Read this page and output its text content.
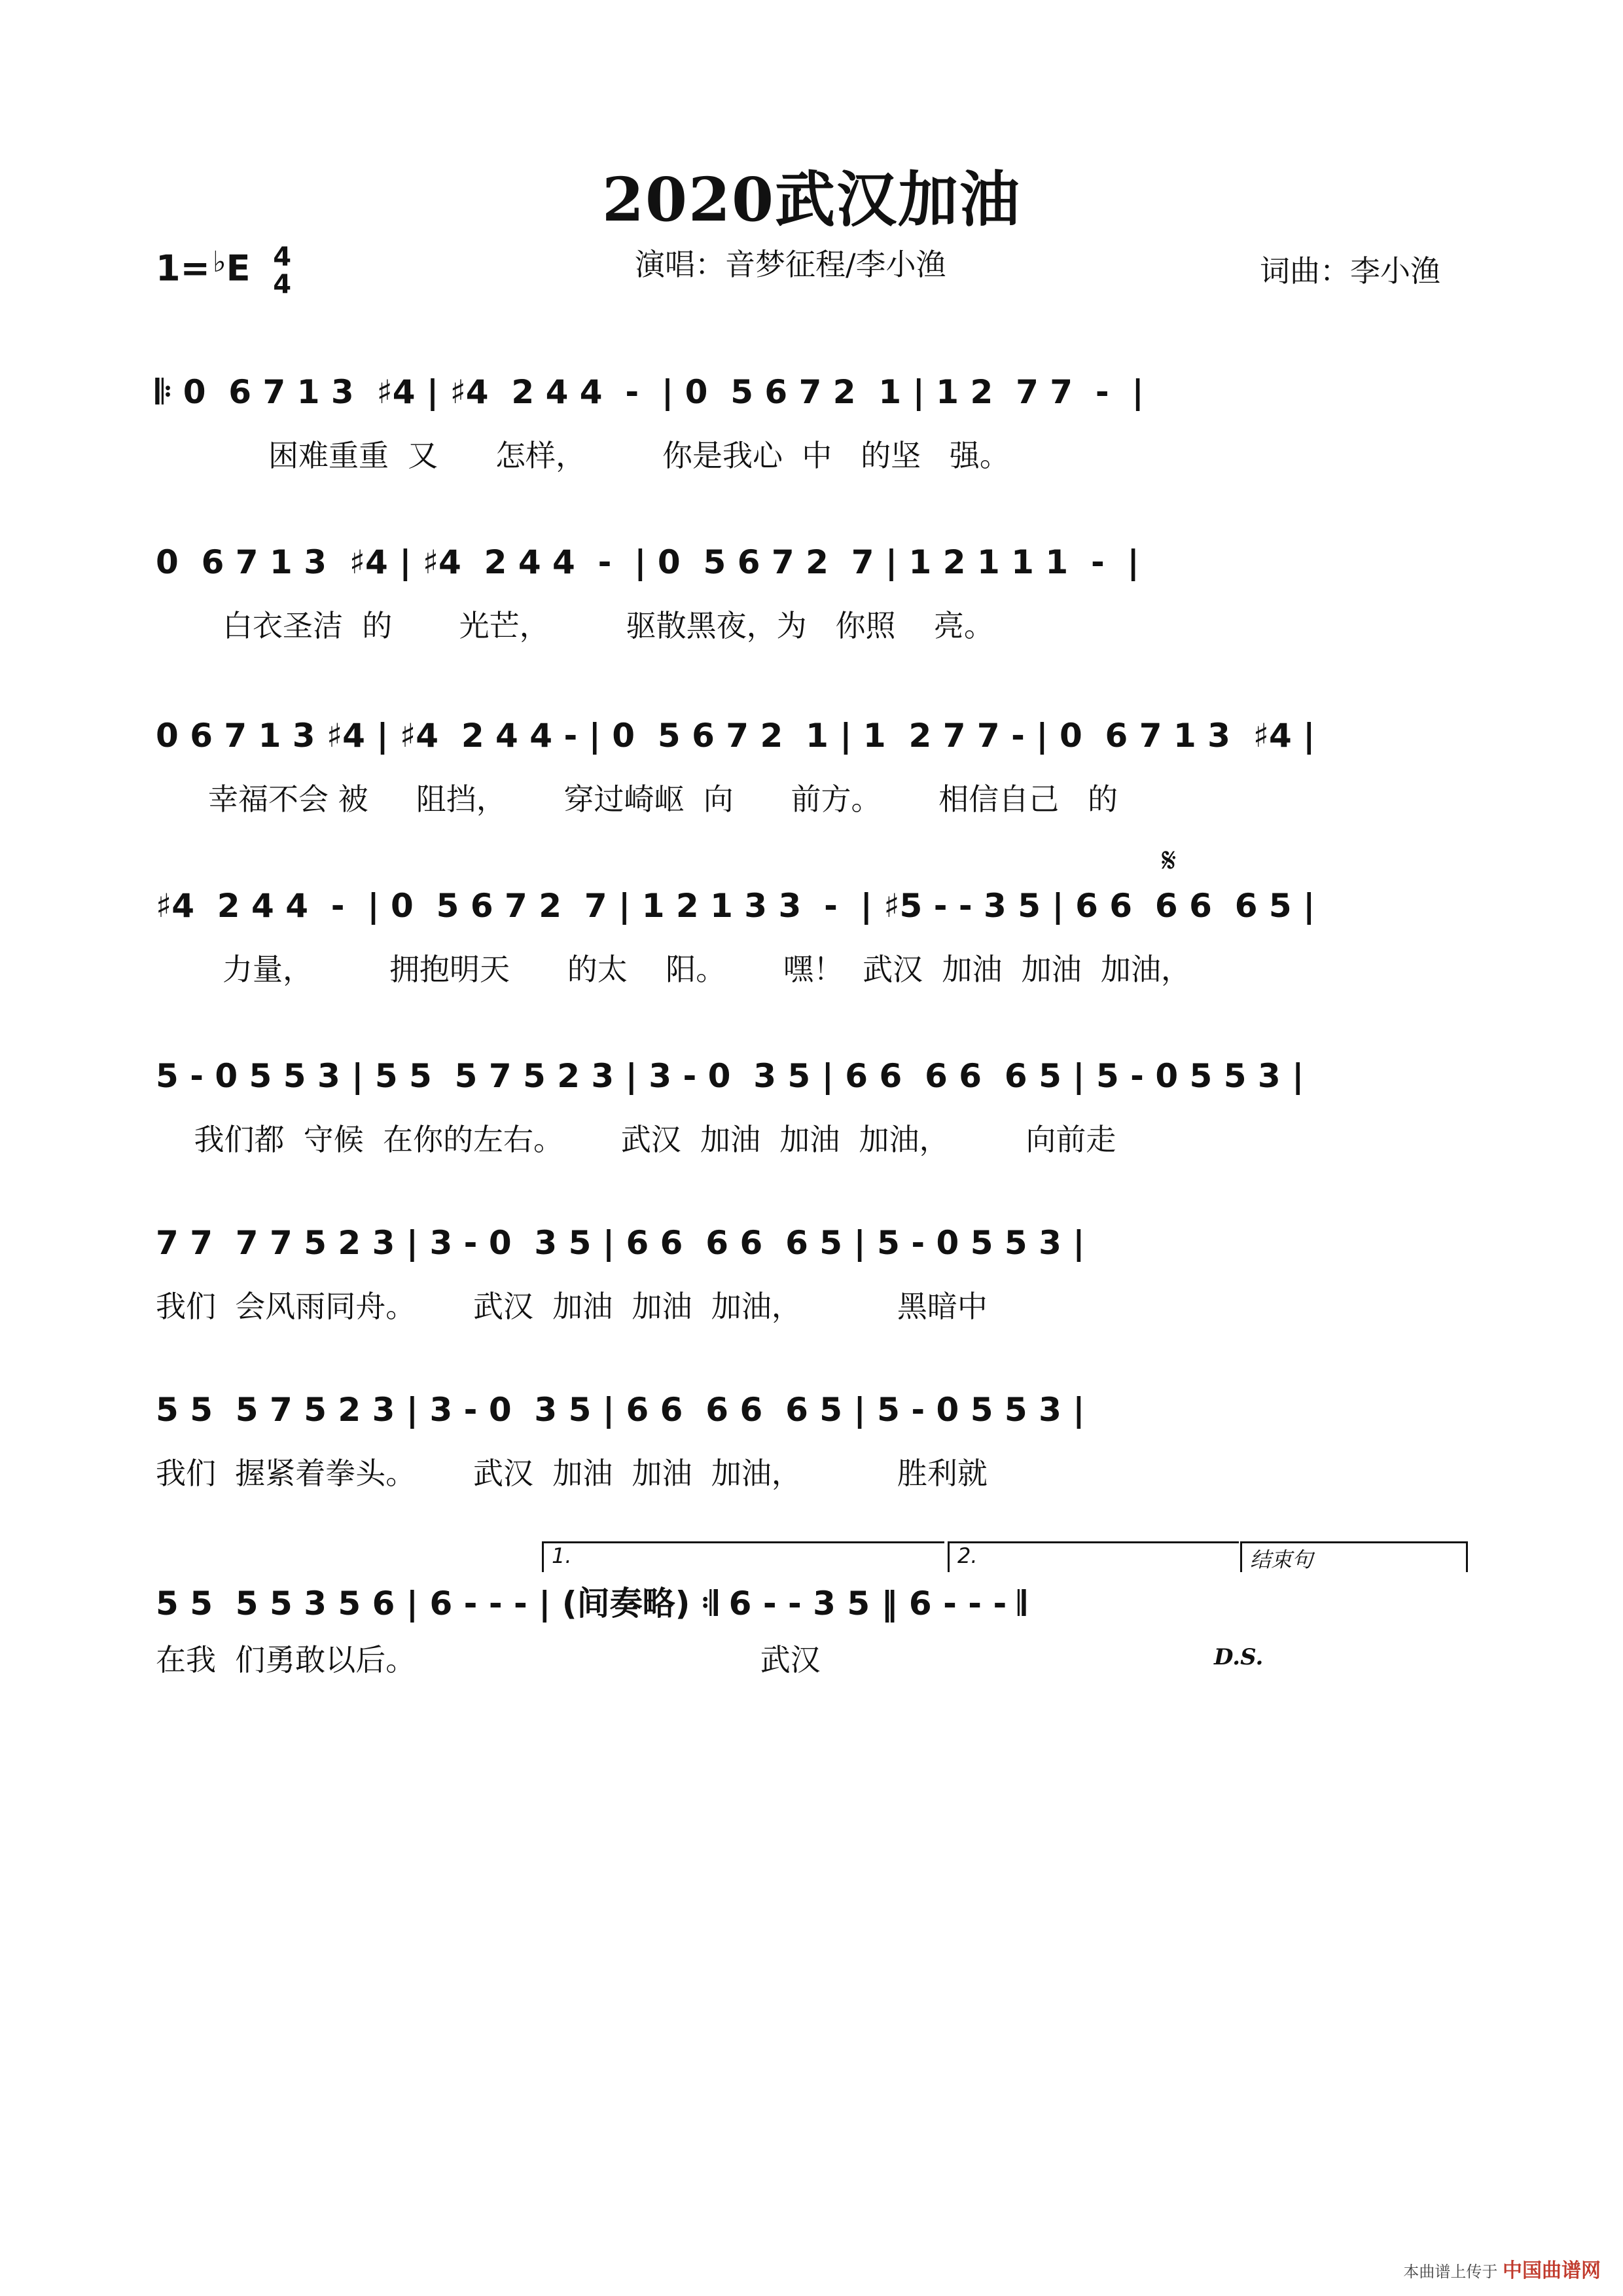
2020武汉加油
1=♭E 4
4
演唱：音梦征程/李小渔	词曲：李小渔
𝄆 0  6 7 1 3  ♯4 | ♯4  2 4 4  -  | 0  5 6 7 2  1 | 1 2  7 7  -  |
困难重重  又      怎样，        你是我心  中   的坚   强。
0  6 7 1 3  ♯4 | ♯4  2 4 4  -  | 0  5 6 7 2  7 | 1 2 1 1 1  -  |
白衣圣洁  的       光芒，        驱散黑夜，为   你照    亮。
0 6 7 1 3 ♯4 | ♯4  2 4 4 - | 0  5 6 7 2  1 | 1  2 7 7 - | 0  6 7 1 3  ♯4 |
幸福不会 被     阻挡，      穿过崎岖  向      前方。      相信自己   的
𝄋
♯4  2 4 4  -  | 0  5 6 7 2  7 | 1 2 1 3 3  -  | ♯5 - - 3 5 | 6 6  6 6  6 5 |
力量，        拥抱明天      的太    阳。      嘿！  武汉  加油  加油  加油，
5 - 0 5 5 3 | 5 5  5 7 5 2 3 | 3 - 0  3 5 | 6 6  6 6  6 5 | 5 - 0 5 5 3 |
我们都  守候  在你的左右。      武汉  加油  加油  加油，        向前走
7 7  7 7 5 2 3 | 3 - 0  3 5 | 6 6  6 6  6 5 | 5 - 0 5 5 3 |
我们  会风雨同舟。      武汉  加油  加油  加油，          黑暗中
5 5  5 7 5 2 3 | 3 - 0  3 5 | 6 6  6 6  6 5 | 5 - 0 5 5 3 |
我们  握紧着拳头。      武汉  加油  加油  加油，          胜利就
1.	2.	结束句
5 5  5 5 3 5 6 | 6 - - - | (间奏略) 𝄇 6 - - 3 5 ‖ 6 - - - 𝄂
在我  们勇敢以后。                                    武汉	D.S.
本曲谱上传于 中国曲谱网
